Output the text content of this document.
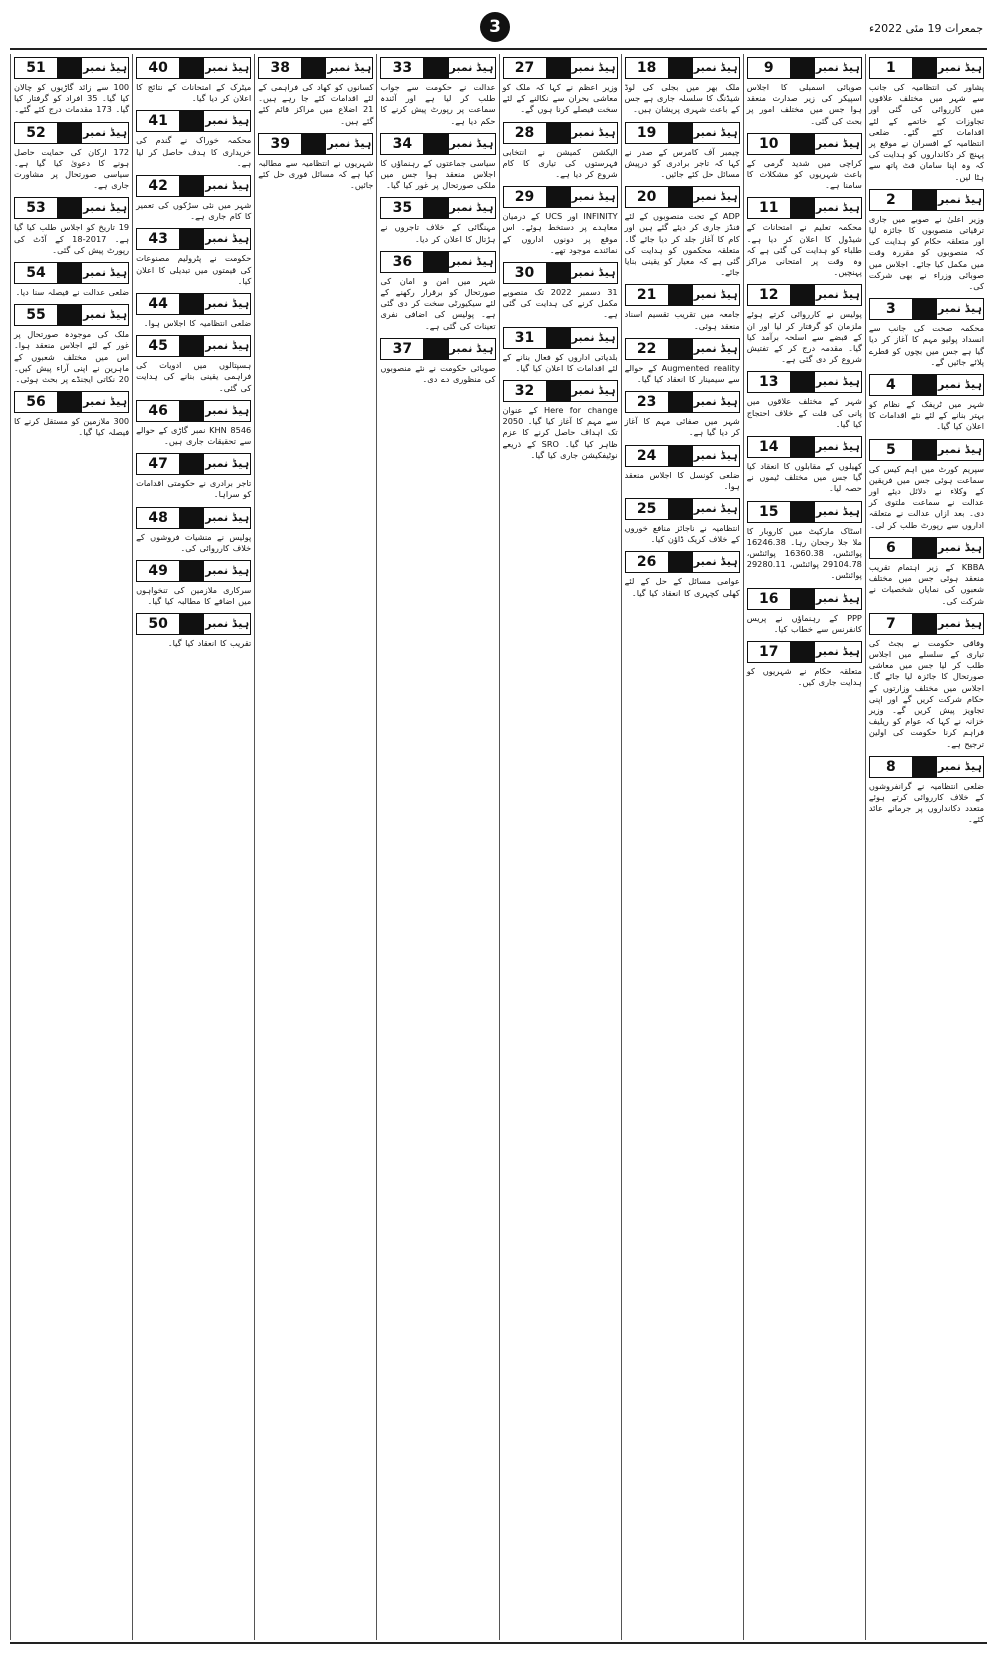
3	جمعرات 19 مئی 2022ء
1	ہیڈ نمبر
پشاور کی انتظامیہ کی جانب سے شہر میں مختلف علاقوں میں کارروائی کی گئی اور تجاوزات کے خاتمے کے لئے اقدامات کئے گئے۔ ضلعی انتظامیہ کے افسران نے موقع پر پہنچ کر دکانداروں کو ہدایت کی کہ وہ اپنا سامان فٹ پاتھ سے ہٹا لیں۔
2	ہیڈ نمبر
وزیر اعلیٰ نے صوبے میں جاری ترقیاتی منصوبوں کا جائزہ لیا اور متعلقہ حکام کو ہدایت کی کہ منصوبوں کو مقررہ وقت میں مکمل کیا جائے۔ اجلاس میں صوبائی وزراء نے بھی شرکت کی۔
3	ہیڈ نمبر
محکمہ صحت کی جانب سے انسداد پولیو مہم کا آغاز کر دیا گیا ہے جس میں بچوں کو قطرے پلائے جائیں گے۔
4	ہیڈ نمبر
شہر میں ٹریفک کے نظام کو بہتر بنانے کے لئے نئے اقدامات کا اعلان کیا گیا۔
5	ہیڈ نمبر
سپریم کورٹ میں اہم کیس کی سماعت ہوئی جس میں فریقین کے وکلاء نے دلائل دیئے اور عدالت نے سماعت ملتوی کر دی۔ بعد ازاں عدالت نے متعلقہ اداروں سے رپورٹ طلب کر لی۔
6	ہیڈ نمبر
KBBA کے زیر اہتمام تقریب منعقد ہوئی جس میں مختلف شعبوں کی نمایاں شخصیات نے شرکت کی۔
7	ہیڈ نمبر
وفاقی حکومت نے بجٹ کی تیاری کے سلسلے میں اجلاس طلب کر لیا جس میں معاشی صورتحال کا جائزہ لیا جائے گا۔ اجلاس میں مختلف وزارتوں کے حکام شرکت کریں گے اور اپنی تجاویز پیش کریں گے۔ وزیر خزانہ نے کہا کہ عوام کو ریلیف فراہم کرنا حکومت کی اولین ترجیح ہے۔
8	ہیڈ نمبر
ضلعی انتظامیہ نے گرانفروشوں کے خلاف کارروائی کرتے ہوئے متعدد دکانداروں پر جرمانے عائد کئے۔
9	ہیڈ نمبر
صوبائی اسمبلی کا اجلاس اسپیکر کی زیر صدارت منعقد ہوا جس میں مختلف امور پر بحث کی گئی۔
10	ہیڈ نمبر
کراچی میں شدید گرمی کے باعث شہریوں کو مشکلات کا سامنا ہے۔
11	ہیڈ نمبر
محکمہ تعلیم نے امتحانات کے شیڈول کا اعلان کر دیا ہے۔ طلباء کو ہدایت کی گئی ہے کہ وہ وقت پر امتحانی مراکز پہنچیں۔
12	ہیڈ نمبر
پولیس نے کارروائی کرتے ہوئے ملزمان کو گرفتار کر لیا اور ان کے قبضے سے اسلحہ برآمد کیا گیا۔ مقدمہ درج کر کے تفتیش شروع کر دی گئی ہے۔
13	ہیڈ نمبر
شہر کے مختلف علاقوں میں پانی کی قلت کے خلاف احتجاج کیا گیا۔
14	ہیڈ نمبر
کھیلوں کے مقابلوں کا انعقاد کیا گیا جس میں مختلف ٹیموں نے حصہ لیا۔
15	ہیڈ نمبر
اسٹاک مارکیٹ میں کاروبار کا ملا جلا رجحان رہا۔ 16246.38 پوائنٹس، 16360.38 پوائنٹس، 29104.78 پوائنٹس، 29280.11 پوائنٹس۔
16	ہیڈ نمبر
PPP کے رہنماؤں نے پریس کانفرنس سے خطاب کیا۔
17	ہیڈ نمبر
متعلقہ حکام نے شہریوں کو ہدایت جاری کیں۔
18	ہیڈ نمبر
ملک بھر میں بجلی کی لوڈ شیڈنگ کا سلسلہ جاری ہے جس کے باعث شہری پریشان ہیں۔
19	ہیڈ نمبر
چیمبر آف کامرس کے صدر نے کہا کہ تاجر برادری کو درپیش مسائل حل کئے جائیں۔
20	ہیڈ نمبر
ADP کے تحت منصوبوں کے لئے فنڈز جاری کر دیئے گئے ہیں اور کام کا آغاز جلد کر دیا جائے گا۔ متعلقہ محکموں کو ہدایت کی گئی ہے کہ معیار کو یقینی بنایا جائے۔
21	ہیڈ نمبر
جامعہ میں تقریب تقسیم اسناد منعقد ہوئی۔
22	ہیڈ نمبر
Augmented reality کے حوالے سے سیمینار کا انعقاد کیا گیا۔
23	ہیڈ نمبر
شہر میں صفائی مہم کا آغاز کر دیا گیا ہے۔
24	ہیڈ نمبر
ضلعی کونسل کا اجلاس منعقد ہوا۔
25	ہیڈ نمبر
انتظامیہ نے ناجائز منافع خوروں کے خلاف کریک ڈاؤن کیا۔
26	ہیڈ نمبر
عوامی مسائل کے حل کے لئے کھلی کچہری کا انعقاد کیا گیا۔
27	ہیڈ نمبر
وزیر اعظم نے کہا کہ ملک کو معاشی بحران سے نکالنے کے لئے سخت فیصلے کرنا ہوں گے۔
28	ہیڈ نمبر
الیکشن کمیشن نے انتخابی فہرستوں کی تیاری کا کام شروع کر دیا ہے۔
29	ہیڈ نمبر
INFINITY اور UCS کے درمیان معاہدے پر دستخط ہوئے۔ اس موقع پر دونوں اداروں کے نمائندے موجود تھے۔
30	ہیڈ نمبر
31 دسمبر 2022 تک منصوبے مکمل کرنے کی ہدایت کی گئی ہے۔
31	ہیڈ نمبر
بلدیاتی اداروں کو فعال بنانے کے لئے اقدامات کا اعلان کیا گیا۔
32	ہیڈ نمبر
Here for change کے عنوان سے مہم کا آغاز کیا گیا۔ 2050 تک اہداف حاصل کرنے کا عزم ظاہر کیا گیا۔ SRO کے ذریعے نوٹیفکیشن جاری کیا گیا۔
33	ہیڈ نمبر
عدالت نے حکومت سے جواب طلب کر لیا ہے اور آئندہ سماعت پر رپورٹ پیش کرنے کا حکم دیا ہے۔
34	ہیڈ نمبر
سیاسی جماعتوں کے رہنماؤں کا اجلاس منعقد ہوا جس میں ملکی صورتحال پر غور کیا گیا۔
35	ہیڈ نمبر
مہنگائی کے خلاف تاجروں نے ہڑتال کا اعلان کر دیا۔
36	ہیڈ نمبر
شہر میں امن و امان کی صورتحال کو برقرار رکھنے کے لئے سیکیورٹی سخت کر دی گئی ہے۔ پولیس کی اضافی نفری تعینات کی گئی ہے۔
37	ہیڈ نمبر
صوبائی حکومت نے نئے منصوبوں کی منظوری دے دی۔
38	ہیڈ نمبر
کسانوں کو کھاد کی فراہمی کے لئے اقدامات کئے جا رہے ہیں۔ 21 اضلاع میں مراکز قائم کئے گئے ہیں۔
39	ہیڈ نمبر
شہریوں نے انتظامیہ سے مطالبہ کیا ہے کہ مسائل فوری حل کئے جائیں۔
40	ہیڈ نمبر
میٹرک کے امتحانات کے نتائج کا اعلان کر دیا گیا۔
41	ہیڈ نمبر
محکمہ خوراک نے گندم کی خریداری کا ہدف حاصل کر لیا ہے۔
42	ہیڈ نمبر
شہر میں نئی سڑکوں کی تعمیر کا کام جاری ہے۔
43	ہیڈ نمبر
حکومت نے پٹرولیم مصنوعات کی قیمتوں میں تبدیلی کا اعلان کیا۔
44	ہیڈ نمبر
ضلعی انتظامیہ کا اجلاس ہوا۔
45	ہیڈ نمبر
ہسپتالوں میں ادویات کی فراہمی یقینی بنانے کی ہدایت کی گئی۔
46	ہیڈ نمبر
KHN 8546 نمبر گاڑی کے حوالے سے تحقیقات جاری ہیں۔
47	ہیڈ نمبر
تاجر برادری نے حکومتی اقدامات کو سراہا۔
48	ہیڈ نمبر
پولیس نے منشیات فروشوں کے خلاف کارروائی کی۔
49	ہیڈ نمبر
سرکاری ملازمین کی تنخواہوں میں اضافے کا مطالبہ کیا گیا۔
50	ہیڈ نمبر
تقریب کا انعقاد کیا گیا۔
51	ہیڈ نمبر
100 سے زائد گاڑیوں کو چالان کیا گیا۔ 35 افراد کو گرفتار کیا گیا۔ 173 مقدمات درج کئے گئے۔
52	ہیڈ نمبر
172 ارکان کی حمایت حاصل ہونے کا دعویٰ کیا گیا ہے۔ سیاسی صورتحال پر مشاورت جاری ہے۔
53	ہیڈ نمبر
19 تاریخ کو اجلاس طلب کیا گیا ہے۔ 2017-18 کے آڈٹ کی رپورٹ پیش کی گئی۔
54	ہیڈ نمبر
ضلعی عدالت نے فیصلہ سنا دیا۔
55	ہیڈ نمبر
ملک کی موجودہ صورتحال پر غور کے لئے اجلاس منعقد ہوا۔ اس میں مختلف شعبوں کے ماہرین نے اپنی آراء پیش کیں۔ 20 نکاتی ایجنڈے پر بحث ہوئی۔
56	ہیڈ نمبر
300 ملازمین کو مستقل کرنے کا فیصلہ کیا گیا۔
